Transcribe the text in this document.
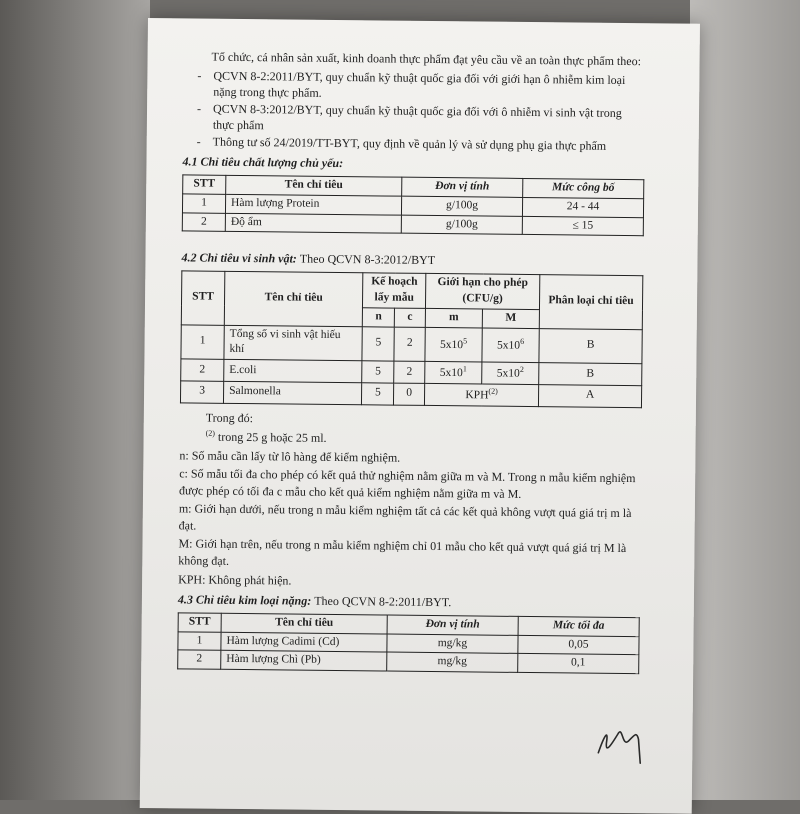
Tổ chức, cá nhân sản xuất, kinh doanh thực phẩm đạt yêu cầu về an toàn thực phẩm theo:

- QCVN 8-2:2011/BYT, quy chuẩn kỹ thuật quốc gia đối với giới hạn ô nhiễm kim loại nặng trong thực phẩm.
- QCVN 8-3:2012/BYT, quy chuẩn kỹ thuật quốc gia đối với ô nhiễm vi sinh vật trong thực phẩm
- Thông tư số 24/2019/TT-BYT, quy định về quản lý và sử dụng phụ gia thực phẩm

4.1 Chỉ tiêu chất lượng chủ yếu:

STT	Tên chỉ tiêu	Đơn vị tính	Mức công bố
1	Hàm lượng Protein	g/100g	24 - 44
2	Độ ẩm	g/100g	≤ 15

4.2 Chỉ tiêu vi sinh vật: Theo QCVN 8-3:2012/BYT

STT	Tên chỉ tiêu	Kế hoạch lấy mẫu		Giới hạn cho phép (CFU/g)		Phân loại chỉ tiêu
		n	c	m	M	
1	Tổng số vi sinh vật hiếu khí	5	2	$5x10^5$	$5x10^6$	B
2	E.coli	5	2	$5x10^1$	$5x10^2$	B
3	Salmonella	5	0	KPH$^{(2)}$		A

Trong đó:

$^{(2)}$ trong 25 g hoặc 25 ml.

n: Số mẫu cần lấy từ lô hàng để kiểm nghiệm.

c: Số mẫu tối đa cho phép có kết quả thử nghiệm nằm giữa m và M. Trong n mẫu kiểm nghiệm được phép có tối đa c mẫu cho kết quả kiểm nghiệm nằm giữa m và M.

m: Giới hạn dưới, nếu trong n mẫu kiểm nghiệm tất cả các kết quả không vượt quá giá trị m là đạt.

M: Giới hạn trên, nếu trong n mẫu kiểm nghiệm chỉ 01 mẫu cho kết quả vượt quá giá trị M là không đạt.

KPH: Không phát hiện.

4.3 Chỉ tiêu kim loại nặng: Theo QCVN 8-2:2011/BYT.

STT	Tên chỉ tiêu	Đơn vị tính	Mức tối đa
1	Hàm lượng Cadimi (Cd)	mg/kg	0,05
2	Hàm lượng Chì (Pb)	mg/kg	0,1
